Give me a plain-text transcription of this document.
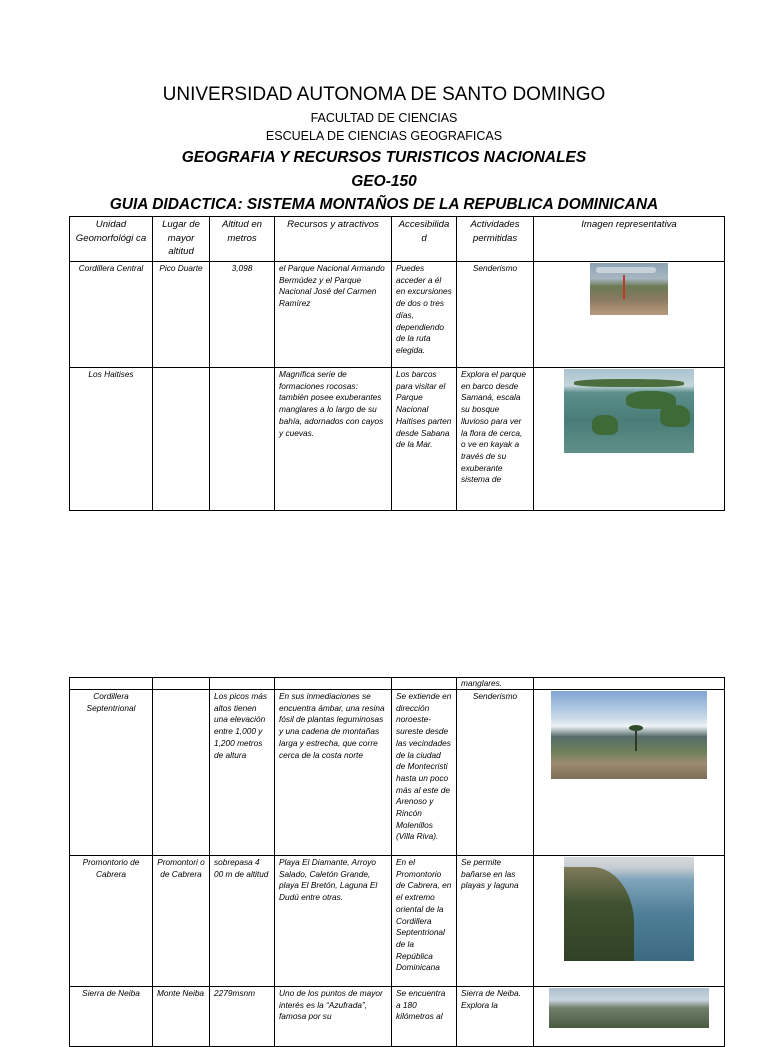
UNIVERSIDAD AUTONOMA DE SANTO DOMINGO
FACULTAD DE CIENCIAS
ESCUELA DE CIENCIAS GEOGRAFICAS
GEOGRAFIA Y RECURSOS TURISTICOS NACIONALES
GEO-150
GUIA DIDACTICA: SISTEMA MONTAÑOS DE LA REPUBLICA DOMINICANA
Unidad Geomorfológi ca	Lugar de mayor altitud	Altitud en metros	Recursos y atractivos	Accesibilida d	Actividades permitidas	Imagen representativa
Cordillera Central	Pico Duarte	3,098	el Parque Nacional Armando Bermúdez y el Parque Nacional José del Carmen Ramírez	Puedes acceder a él en excursiones de dos o tres días, dependiendo de la ruta elegida.	Senderismo	

Los Haitises			Magnífica serie de formaciones rocosas: también posee exuberantes manglares a lo largo de su bahía, adornados con cayos y cuevas.	Los barcos para visitar el Parque Nacional Haitises parten desde Sabana de la Mar.	Explora el parque en barco desde Samaná, escala su bosque lluvioso para ver la flora de cerca, o ve en kayak a través de su exuberante sistema de	
					manglares.	
Cordillera Septentrional		Los picos más altos tienen una elevación entre 1,000 y 1,200 metros de altura	En sus inmediaciones se encuentra ámbar, una resina fósil de plantas leguminosas y una cadena de montañas larga y estrecha, que corre cerca de la costa norte	Se extiende en dirección noroeste-sureste desde las vecindades de la ciudad de Montecristi hasta un poco más al este de Arenoso y Rincón Molenillos (Villa Riva).	Senderismo	

Promontorio de Cabrera	Promontori o de Cabrera	sobrepasa 4 00 m de altitud	Playa El Diamante, Arroyo Salado, Caletón Grande, playa El Bretón, Laguna El Dudú entre otras.	En el Promontorio de Cabrera, en el extremo oriental de la Cordillera Septentrional de la República Dominicana	Se permite bañarse en las playas y laguna	

Sierra de Neiba	Monte Neiba	2279msnm	Uno de los puntos de mayor interés es la “Azufrada”, famosa por su	Se encuentra a 180 kilómetros al	Sierra de Neiba. Explora la	
